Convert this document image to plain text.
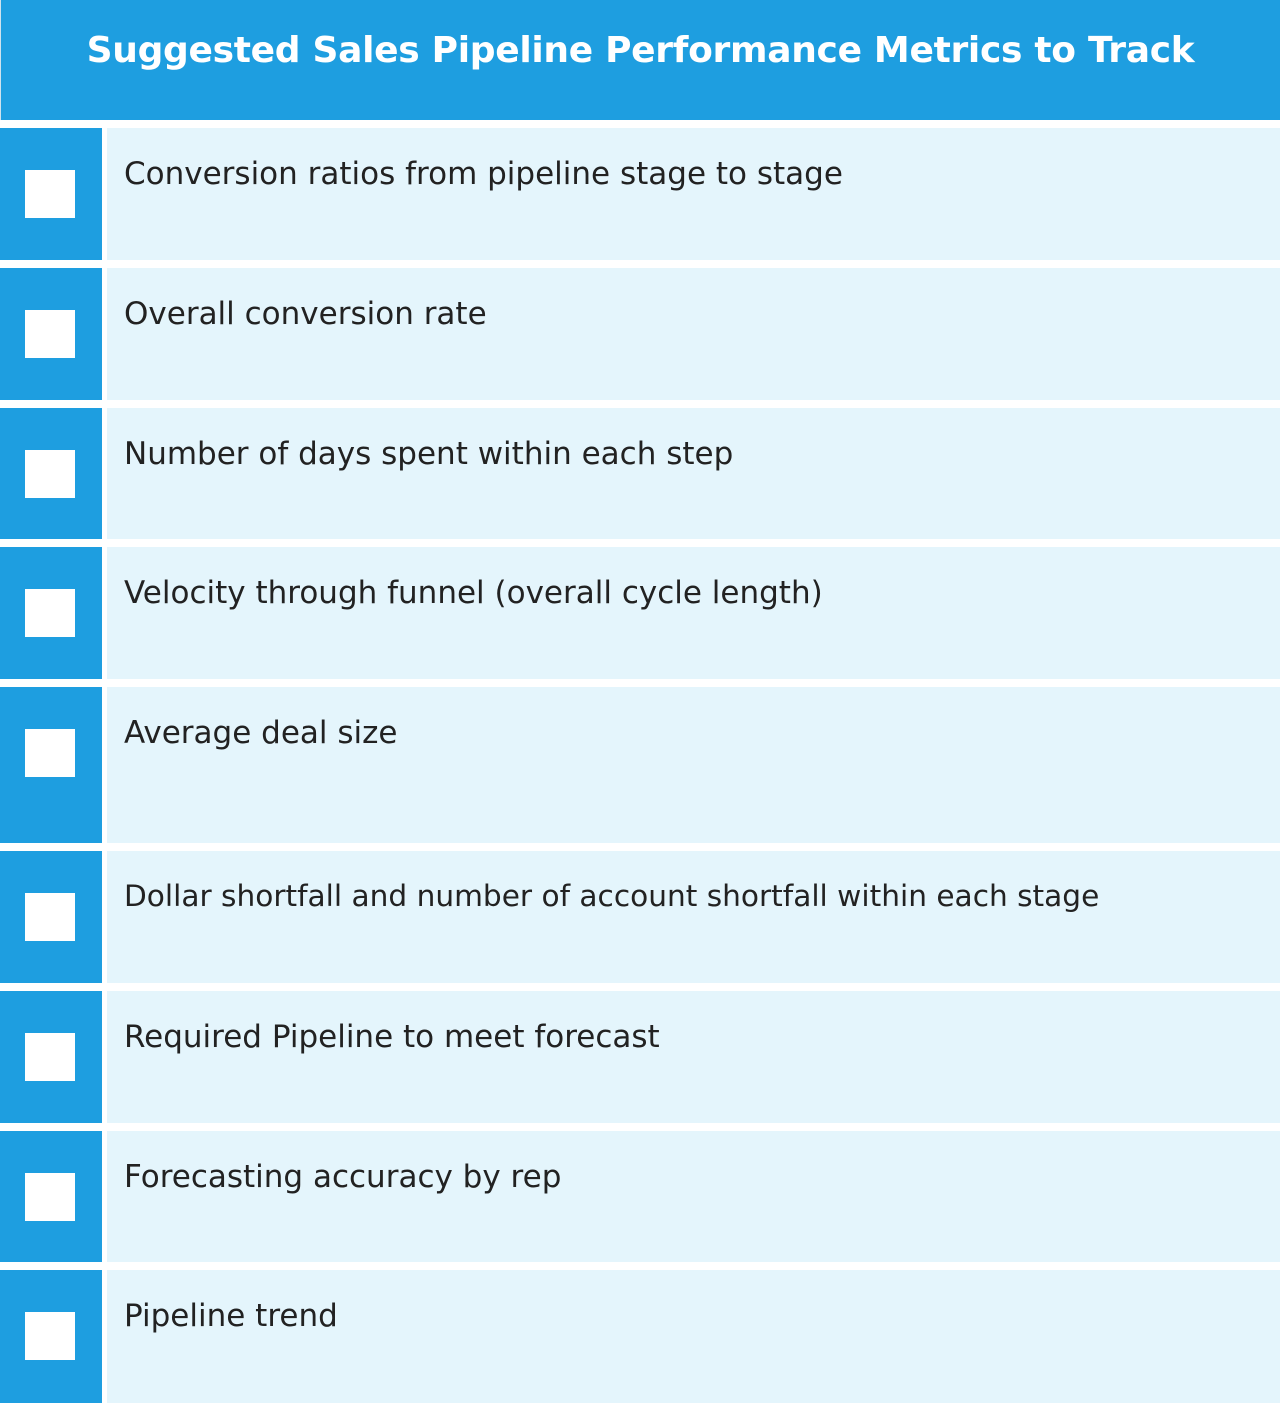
Suggested Sales Pipeline Performance Metrics to Track
Conversion ratios from pipeline stage to stage
Overall conversion rate
Number of days spent within each step
Velocity through funnel (overall cycle length)
Average deal size
Dollar shortfall and number of account shortfall within each stage
Required Pipeline to meet forecast
Forecasting accuracy by rep
Pipeline trend
